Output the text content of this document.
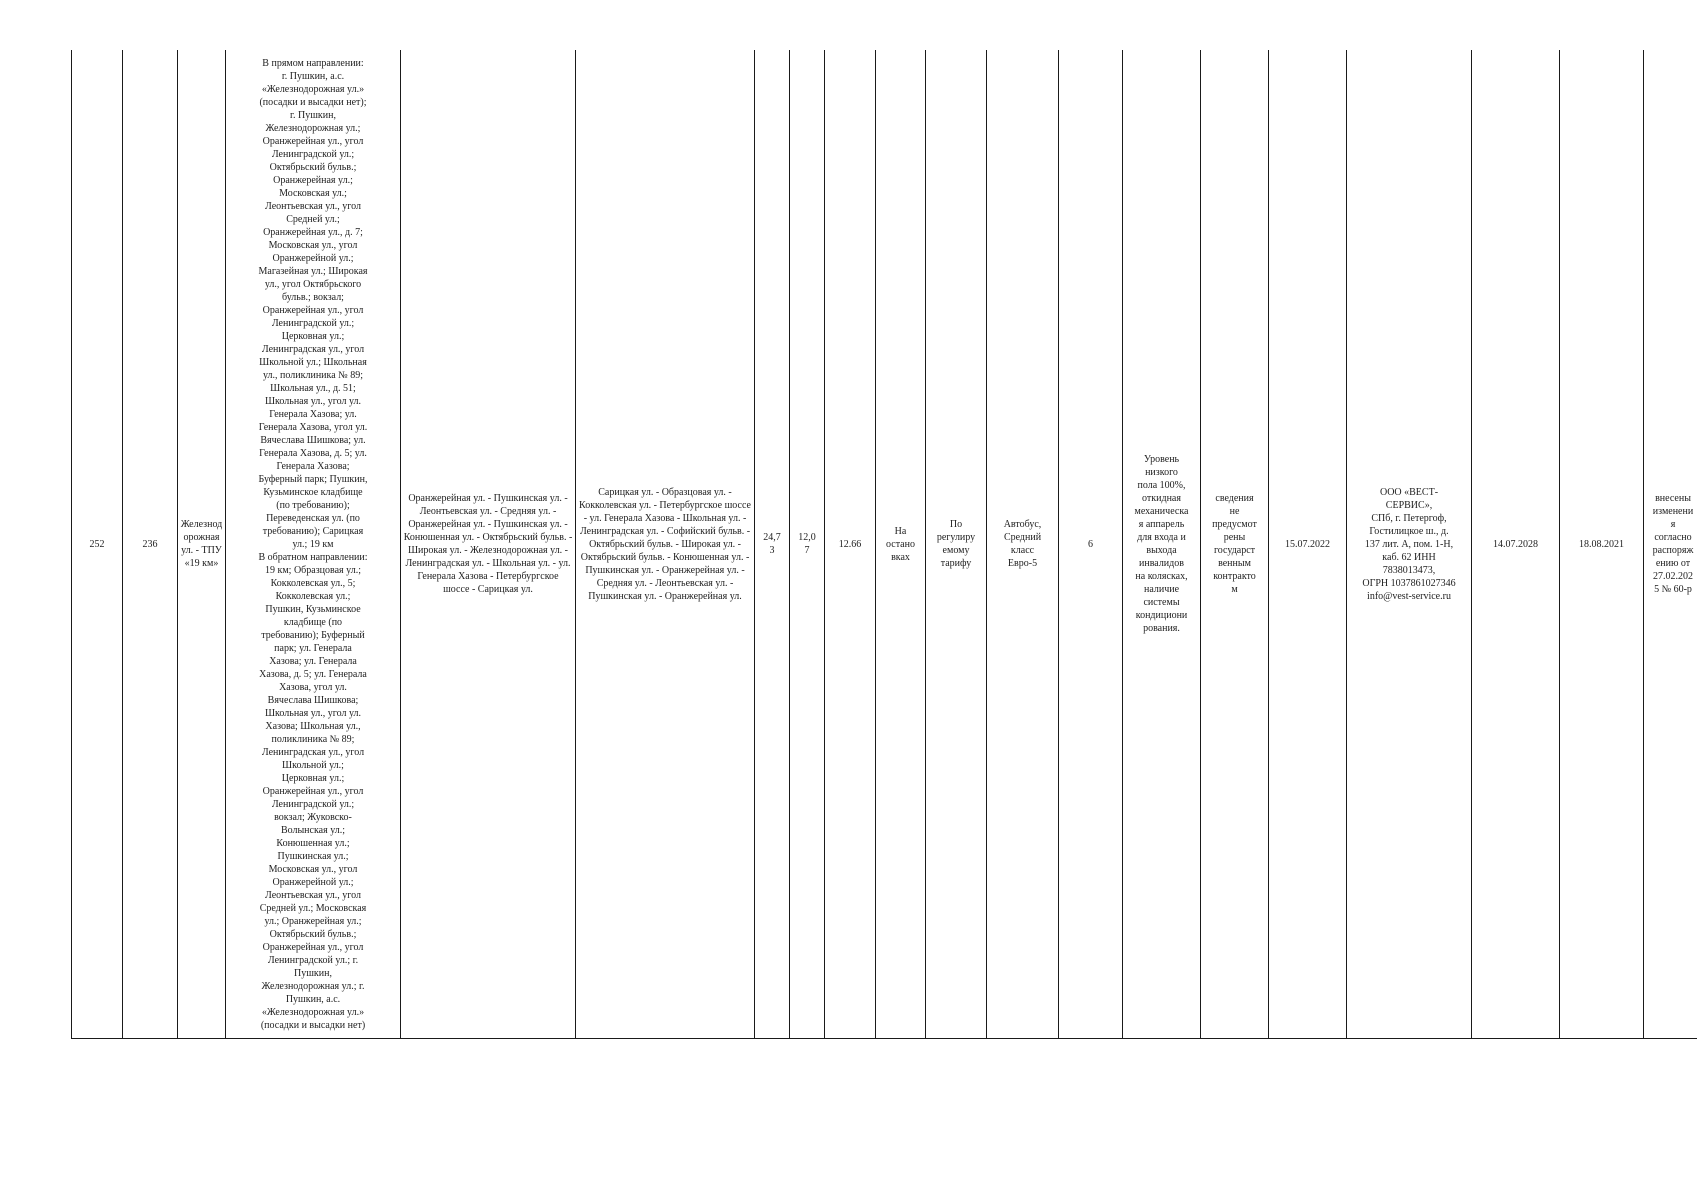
252	236	Железнодорожная ул. - ТПУ «19 км»	В прямом направлении:
г. Пушкин, а.с.
«Железнодорожная ул.»
(посадки и высадки нет);
г. Пушкин,
Железнодорожная ул.;
Оранжерейная ул., угол
Ленинградской ул.;
Октябрьский бульв.;
Оранжерейная ул.;
Московская ул.;
Леонтьевская ул., угол
Средней ул.;
Оранжерейная ул., д. 7;
Московская ул., угол
Оранжерейной ул.;
Магазейная ул.; Широкая
ул., угол Октябрьского
бульв.; вокзал;
Оранжерейная ул., угол
Ленинградской ул.;
Церковная ул.;
Ленинградская ул., угол
Школьной ул.; Школьная
ул., поликлиника № 89;
Школьная ул., д. 51;
Школьная ул., угол ул.
Генерала Хазова; ул.
Генерала Хазова, угол ул.
Вячеслава Шишкова; ул.
Генерала Хазова, д. 5; ул.
Генерала Хазова;
Буферный парк; Пушкин,
Кузьминское кладбище
(по требованию);
Переведенская ул. (по
требованию); Сарицкая
ул.; 19 км
В обратном направлении:
19 км; Образцовая ул.;
Кокколевская ул., 5;
Кокколевская ул.;
Пушкин, Кузьминское
кладбище (по
требованию); Буферный
парк; ул. Генерала
Хазова; ул. Генерала
Хазова, д. 5; ул. Генерала
Хазова, угол ул.
Вячеслава Шишкова;
Школьная ул., угол ул.
Хазова; Школьная ул.,
поликлиника № 89;
Ленинградская ул., угол
Школьной ул.;
Церковная ул.;
Оранжерейная ул., угол
Ленинградской ул.;
вокзал; Жуковско-
Волынская ул.;
Конюшенная ул.;
Пушкинская ул.;
Московская ул., угол
Оранжерейной ул.;
Леонтьевская ул., угол
Средней ул.; Московская
ул.; Оранжерейная ул.;
Октябрьский бульв.;
Оранжерейная ул., угол
Ленинградской ул.; г.
Пушкин,
Железнодорожная ул.; г.
Пушкин, а.с.
«Железнодорожная ул.»
(посадки и высадки нет)	Оранжерейная ул. - Пушкинская ул. - Леонтьевская ул. - Средняя ул. - Оранжерейная ул. - Пушкинская ул. - Конюшенная ул. - Октябрьский бульв. - Широкая ул. - Железнодорожная ул. - Ленинградская ул. - Школьная ул. - ул. Генерала Хазова - Петербургское шоссе - Сарицкая ул.	Сарицкая ул. - Образцовая ул. - Кокколевская ул. - Петербургское шоссе - ул. Генерала Хазова - Школьная ул. - Ленинградская ул. - Софийский бульв. - Октябрьский бульв. - Широкая ул. - Октябрьский бульв. - Конюшенная ул. - Пушкинская ул. - Оранжерейная ул. - Средняя ул. - Леонтьевская ул. - Пушкинская ул. - Оранжерейная ул.	24,7
3	12,0
7	12.66	На
остано
вках	По
регулиру
емому
тарифу	Автобус,
Средний
класс
Евро-5	6	Уровень
низкого
пола 100%,
откидная
механическа
я аппарель
для входа и
выхода
инвалидов
на колясках,
наличие
системы
кондициони
рования.	сведения
не
предусмот
рены
государст
венным
контракто
м	15.07.2022	ООО «ВЕСТ-
СЕРВИС»,
СПб, г. Петергоф,
Гостилицкое ш., д.
137 лит. А, пом. 1-Н,
каб. 62 ИНН
7838013473,
ОГРН 1037861027346
info@vest-service.ru	14.07.2028	18.08.2021	внесены
изменени
я
согласно
распоряж
ению от
27.02.202
5 № 60-р
